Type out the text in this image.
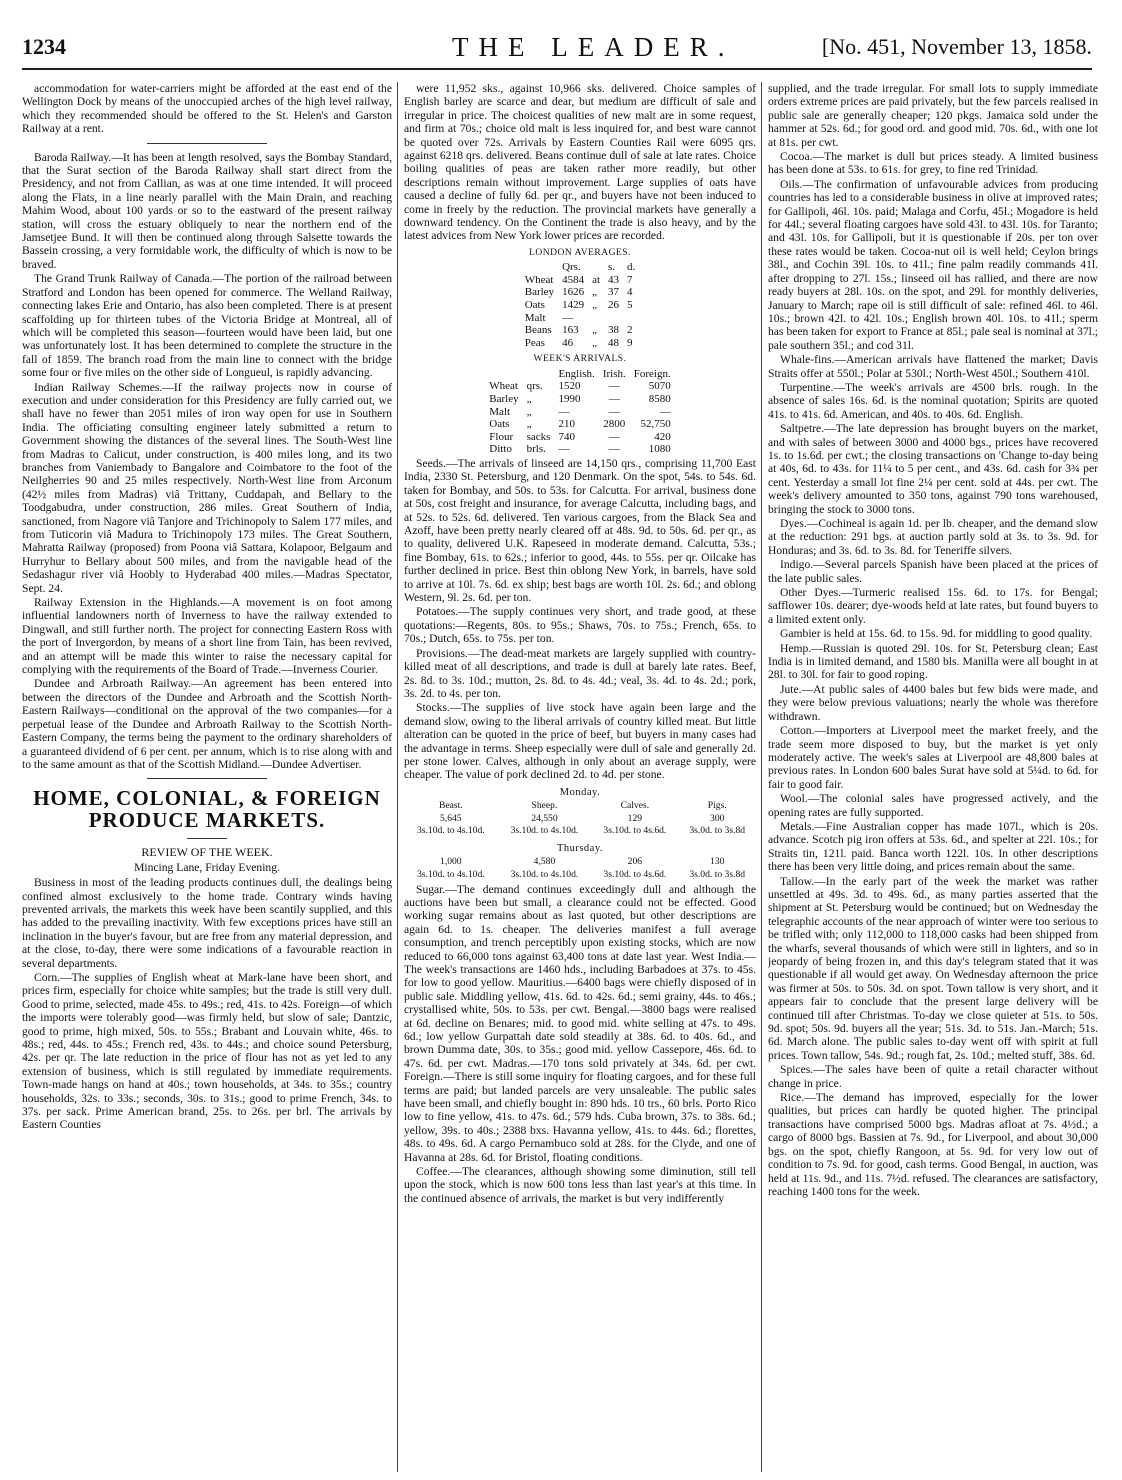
1234	THE LEADER.	[No. 451, November 13, 1858.

accommodation for water-carriers might be afforded at the east end of the Wellington Dock by means of the unoccupied arches of the high level railway, which they recommended should be offered to the St. Helen's and Garston Railway at a rent.

Baroda Railway.—It has been at length resolved, says the Bombay Standard, that the Surat section of the Baroda Railway shall start direct from the Presidency, and not from Callian, as was at one time intended. It will proceed along the Flats, in a line nearly parallel with the Main Drain, and reaching Mahim Wood, about 100 yards or so to the eastward of the present railway station, will cross the estuary obliquely to near the northern end of the Jamsetjee Bund. It will then be continued along through Salsette towards the Bassein crossing, a very formidable work, the difficulty of which is now to be braved.

The Grand Trunk Railway of Canada.—The portion of the railroad between Stratford and London has been opened for commerce. The Welland Railway, connecting lakes Erie and Ontario, has also been completed. There is at present scaffolding up for thirteen tubes of the Victoria Bridge at Montreal, all of which will be completed this season—fourteen would have been laid, but one was unfortunately lost. It has been determined to complete the structure in the fall of 1859. The branch road from the main line to connect with the bridge some four or five miles on the other side of Longueul, is rapidly advancing.

Indian Railway Schemes.—If the railway projects now in course of execution and under consideration for this Presidency are fully carried out, we shall have no fewer than 2051 miles of iron way open for use in Southern India. The officiating consulting engineer lately submitted a return to Government showing the distances of the several lines. The South-West line from Madras to Calicut, under construction, is 400 miles long, and its two branches from Vaniembady to Bangalore and Coimbatore to the foot of the Neilgherries 90 and 25 miles respectively. North-West line from Arconum (42½ miles from Madras) viâ Trittany, Cuddapah, and Bellary to the Toodgabudra, under construction, 286 miles. Great Southern of India, sanctioned, from Nagore viâ Tanjore and Trichinopoly to Salem 177 miles, and from Tuticorin viâ Madura to Trichinopoly 173 miles. The Great Southern, Mahratta Railway (proposed) from Poona viâ Sattara, Kolapoor, Belgaum and Hurryhur to Bellary about 500 miles, and from the navigable head of the Sedashagur river viâ Hoobly to Hyderabad 400 miles.—Madras Spectator, Sept. 24.

Railway Extension in the Highlands.—A movement is on foot among influential landowners north of Inverness to have the railway extended to Dingwall, and still further north. The project for connecting Eastern Ross with the port of Invergordon, by means of a short line from Tain, has been revived, and an attempt will be made this winter to raise the necessary capital for complying with the requirements of the Board of Trade.—Inverness Courier.

Dundee and Arbroath Railway.—An agreement has been entered into between the directors of the Dundee and Arbroath and the Scottish North-Eastern Railways—conditional on the approval of the two companies—for a perpetual lease of the Dundee and Arbroath Railway to the Scottish North-Eastern Company, the terms being the payment to the ordinary shareholders of a guaranteed dividend of 6 per cent. per annum, which is to rise along with and to the same amount as that of the Scottish Midland.—Dundee Advertiser.

HOME, COLONIAL, & FOREIGN PRODUCE MARKETS.
REVIEW OF THE WEEK.
Mincing Lane, Friday Evening.

Business in most of the leading products continues dull, the dealings being confined almost exclusively to the home trade. Contrary winds having prevented arrivals, the markets this week have been scantily supplied, and this has added to the prevailing inactivity. With few exceptions prices have still an inclination in the buyer's favour, but are free from any material depression, and at the close, to-day, there were some indications of a favourable reaction in several departments.

Corn.—The supplies of English wheat at Mark-lane have been short, and prices firm, especially for choice white samples; but the trade is still very dull. Good to prime, selected, made 45s. to 49s.; red, 41s. to 42s. Foreign—of which the imports were tolerably good—was firmly held, but slow of sale; Dantzic, good to prime, high mixed, 50s. to 55s.; Brabant and Louvain white, 46s. to 48s.; red, 44s. to 45s.; French red, 43s. to 44s.; and choice sound Petersburg, 42s. per qr. The late reduction in the price of flour has not as yet led to any extension of business, which is still regulated by immediate requirements. Town-made hangs on hand at 40s.; town households, at 34s. to 35s.; country households, 32s. to 33s.; seconds, 30s. to 31s.; good to prime French, 34s. to 37s. per sack. Prime American brand, 25s. to 26s. per brl. The arrivals by Eastern Counties

were 11,952 sks., against 10,966 sks. delivered. Choice samples of English barley are scarce and dear, but medium are difficult of sale and irregular in price. The choicest qualities of new malt are in some request, and firm at 70s.; choice old malt is less inquired for, and best ware cannot be quoted over 72s. Arrivals by Eastern Counties Rail were 6095 qrs. against 6218 qrs. delivered. Beans continue dull of sale at late rates. Choice boiling qualities of peas are taken rather more readily, but other descriptions remain without improvement. Large supplies of oats have caused a decline of fully 6d. per qr., and buyers have not been induced to come in freely by the reduction. The provincial markets have generally a downward tendency. On the Continent the trade is also heavy, and by the latest advices from New York lower prices are recorded.

LONDON AVERAGES.
	Qrs.		s.	d.
Wheat	4584	at	43	7
Barley	1626	„	37	4
Oats	1429	„	26	5
Malt	—			
Beans	163	„	38	2
Peas	46	„	48	9
WEEK'S ARRIVALS.
		English.	Irish.	Foreign.
Wheat	qrs.	1520	—	5070
Barley	„	1990	—	8580
Malt	„	—	—	—
Oats	„	210	2800	52,750
Flour	sacks	740	—	420
Ditto	brls.	—	—	1080

Seeds.—The arrivals of linseed are 14,150 qrs., comprising 11,700 East India, 2330 St. Petersburg, and 120 Denmark. On the spot, 54s. to 54s. 6d. taken for Bombay, and 50s. to 53s. for Calcutta. For arrival, business done at 50s, cost freight and insurance, for average Calcutta, including bags, and at 52s. to 52s. 6d. delivered. Ten various cargoes, from the Black Sea and Azoff, have been pretty nearly cleared off at 48s. 9d. to 50s. 6d. per qr., as to quality, delivered U.K. Rapeseed in moderate demand. Calcutta, 53s.; fine Bombay, 61s. to 62s.; inferior to good, 44s. to 55s. per qr. Oilcake has further declined in price. Best thin oblong New York, in barrels, have sold to arrive at 10l. 7s. 6d. ex ship; best bags are worth 10l. 2s. 6d.; and oblong Western, 9l. 2s. 6d. per ton.

Potatoes.—The supply continues very short, and trade good, at these quotations:—Regents, 80s. to 95s.; Shaws, 70s. to 75s.; French, 65s. to 70s.; Dutch, 65s. to 75s. per ton.

Provisions.—The dead-meat markets are largely supplied with country-killed meat of all descriptions, and trade is dull at barely late rates. Beef, 2s. 8d. to 3s. 10d.; mutton, 2s. 8d. to 4s. 4d.; veal, 3s. 4d. to 4s. 2d.; pork, 3s. 2d. to 4s. per ton.

Stocks.—The supplies of live stock have again been large and the demand slow, owing to the liberal arrivals of country killed meat. But little alteration can be quoted in the price of beef, but buyers in many cases had the advantage in terms. Sheep especially were dull of sale and generally 2d. per stone lower. Calves, although in only about an average supply, were cheaper. The value of pork declined 2d. to 4d. per stone.

Monday.
Beast.	Sheep.	Calves.	Pigs.
5,645	24,550	129	300
3s.10d. to 4s.10d.	3s.10d. to 4s.10d.	3s.10d. to 4s.6d.	3s.0d. to 3s.8d
Thursday.
1,000	4,580	206	130
3s.10d. to 4s.10d.	3s.10d. to 4s.10d.	3s.10d. to 4s.6d.	3s.0d. to 3s.8d

Sugar.—The demand continues exceedingly dull and although the auctions have been but small, a clearance could not be effected. Good working sugar remains about as last quoted, but other descriptions are again 6d. to 1s. cheaper. The deliveries manifest a full average consumption, and trench perceptibly upon existing stocks, which are now reduced to 66,000 tons against 63,400 tons at date last year. West India.—The week's transactions are 1460 hds., including Barbadoes at 37s. to 45s. for low to good yellow. Mauritius.—6400 bags were chiefly disposed of in public sale. Middling yellow, 41s. 6d. to 42s. 6d.; semi grainy, 44s. to 46s.; crystallised white, 50s. to 53s. per cwt. Bengal.—3800 bags were realised at 6d. decline on Benares; mid. to good mid. white selling at 47s. to 49s. 6d.; low yellow Gurpattah date sold steadily at 38s. 6d. to 40s. 6d., and brown Dumma date, 30s. to 35s.; good mid. yellow Cassepore, 46s. 6d. to 47s. 6d. per cwt. Madras.—170 tons sold privately at 34s. 6d. per cwt. Foreign.—There is still some inquiry for floating cargoes, and for these full terms are paid; but landed parcels are very unsaleable. The public sales have been small, and chiefly bought in: 890 hds. 10 trs., 60 brls. Porto Rico low to fine yellow, 41s. to 47s. 6d.; 579 hds. Cuba brown, 37s. to 38s. 6d.; yellow, 39s. to 40s.; 2388 bxs. Havanna yellow, 41s. to 44s. 6d.; florettes, 48s. to 49s. 6d. A cargo Pernambuco sold at 28s. for the Clyde, and one of Havanna at 28s. 6d. for Bristol, floating conditions.

Coffee.—The clearances, although showing some diminution, still tell upon the stock, which is now 600 tons less than last year's at this time. In the continued absence of arrivals, the market is but very indifferently

supplied, and the trade irregular. For small lots to supply immediate orders extreme prices are paid privately, but the few parcels realised in public sale are generally cheaper; 120 pkgs. Jamaica sold under the hammer at 52s. 6d.; for good ord. and good mid. 70s. 6d., with one lot at 81s. per cwt.

Cocoa.—The market is dull but prices steady. A limited business has been done at 53s. to 61s. for grey, to fine red Trinidad.

Oils.—The confirmation of unfavourable advices from producing countries has led to a considerable business in olive at improved rates; for Gallipoli, 46l. 10s. paid; Malaga and Corfu, 45l.; Mogadore is held for 44l.; several floating cargoes have sold 43l. to 43l. 10s. for Taranto; and 43l. 10s. for Gallipoli, but it is questionable if 20s. per ton over these rates would be taken. Cocoa-nut oil is well held; Ceylon brings 38l., and Cochin 39l. 10s. to 41l.; fine palm readily commands 41l. after dropping to 27l. 15s.; linseed oil has rallied, and there are now ready buyers at 28l. 10s. on the spot, and 29l. for monthly deliveries, January to March; rape oil is still difficult of sale: refined 46l. to 46l. 10s.; brown 42l. to 42l. 10s.; English brown 40l. 10s. to 41l.; sperm has been taken for export to France at 85l.; pale seal is nominal at 37l.; pale southern 35l.; and cod 31l.

Whale-fins.—American arrivals have flattened the market; Davis Straits offer at 550l.; Polar at 530l.; North-West 450l.; Southern 410l.

Turpentine.—The week's arrivals are 4500 brls. rough. In the absence of sales 16s. 6d. is the nominal quotation; Spirits are quoted 41s. to 41s. 6d. American, and 40s. to 40s. 6d. English.

Saltpetre.—The late depression has brought buyers on the market, and with sales of between 3000 and 4000 bgs., prices have recovered 1s. to 1s.6d. per cwt.; the closing transactions on 'Change to-day being at 40s, 6d. to 43s. for 11¼ to 5 per cent., and 43s. 6d. cash for 3¾ per cent. Yesterday a small lot fine 2¼ per cent. sold at 44s. per cwt. The week's delivery amounted to 350 tons, against 790 tons warehoused, bringing the stock to 3000 tons.

Dyes.—Cochineal is again 1d. per lb. cheaper, and the demand slow at the reduction: 291 bgs. at auction partly sold at 3s. to 3s. 9d. for Honduras; and 3s. 6d. to 3s. 8d. for Teneriffe silvers.

Indigo.—Several parcels Spanish have been placed at the prices of the late public sales.

Other Dyes.—Turmeric realised 15s. 6d. to 17s. for Bengal; safflower 10s. dearer; dye-woods held at late rates, but found buyers to a limited extent only.

Gambier is held at 15s. 6d. to 15s. 9d. for middling to good quality.

Hemp.—Russian is quoted 29l. 10s. for St. Petersburg clean; East India is in limited demand, and 1580 bls. Manilla were all bought in at 28l. to 30l. for fair to good roping.

Jute.—At public sales of 4400 bales but few bids were made, and they were below previous valuations; nearly the whole was therefore withdrawn.

Cotton.—Importers at Liverpool meet the market freely, and the trade seem more disposed to buy, but the market is yet only moderately active. The week's sales at Liverpool are 48,800 bales at previous rates. In London 600 bales Surat have sold at 5¼d. to 6d. for fair to good fair.

Wool.—The colonial sales have progressed actively, and the opening rates are fully supported.

Metals.—Fine Australian copper has made 107l., which is 20s. advance. Scotch pig iron offers at 53s. 6d., and spelter at 22l. 10s.; for Straits tin, 121l. paid. Banca worth 122l. 10s. In other descriptions there has been very little doing, and prices remain about the same.

Tallow.—In the early part of the week the market was rather unsettled at 49s. 3d. to 49s. 6d., as many parties asserted that the shipment at St. Petersburg would be continued; but on Wednesday the telegraphic accounts of the near approach of winter were too serious to be trifled with; only 112,000 to 118,000 casks had been shipped from the wharfs, several thousands of which were still in lighters, and so in jeopardy of being frozen in, and this day's telegram stated that it was questionable if all would get away. On Wednesday afternoon the price was firmer at 50s. to 50s. 3d. on spot. Town tallow is very short, and it appears fair to conclude that the present large delivery will be continued till after Christmas. To-day we close quieter at 51s. to 50s. 9d. spot; 50s. 9d. buyers all the year; 51s. 3d. to 51s. Jan.-March; 51s. 6d. March alone. The public sales to-day went off with spirit at full prices. Town tallow, 54s. 9d.; rough fat, 2s. 10d.; melted stuff, 38s. 6d.

Spices.—The sales have been of quite a retail character without change in price.

Rice.—The demand has improved, especially for the lower qualities, but prices can hardly be quoted higher. The principal transactions have comprised 5000 bgs. Madras afloat at 7s. 4½d.; a cargo of 8000 bgs. Bassien at 7s. 9d., for Liverpool, and about 30,000 bgs. on the spot, chiefly Rangoon, at 5s. 9d. for very low out of condition to 7s. 9d. for good, cash terms. Good Bengal, in auction, was held at 11s. 9d., and 11s. 7½d. refused. The clearances are satisfactory, reaching 1400 tons for the week.
